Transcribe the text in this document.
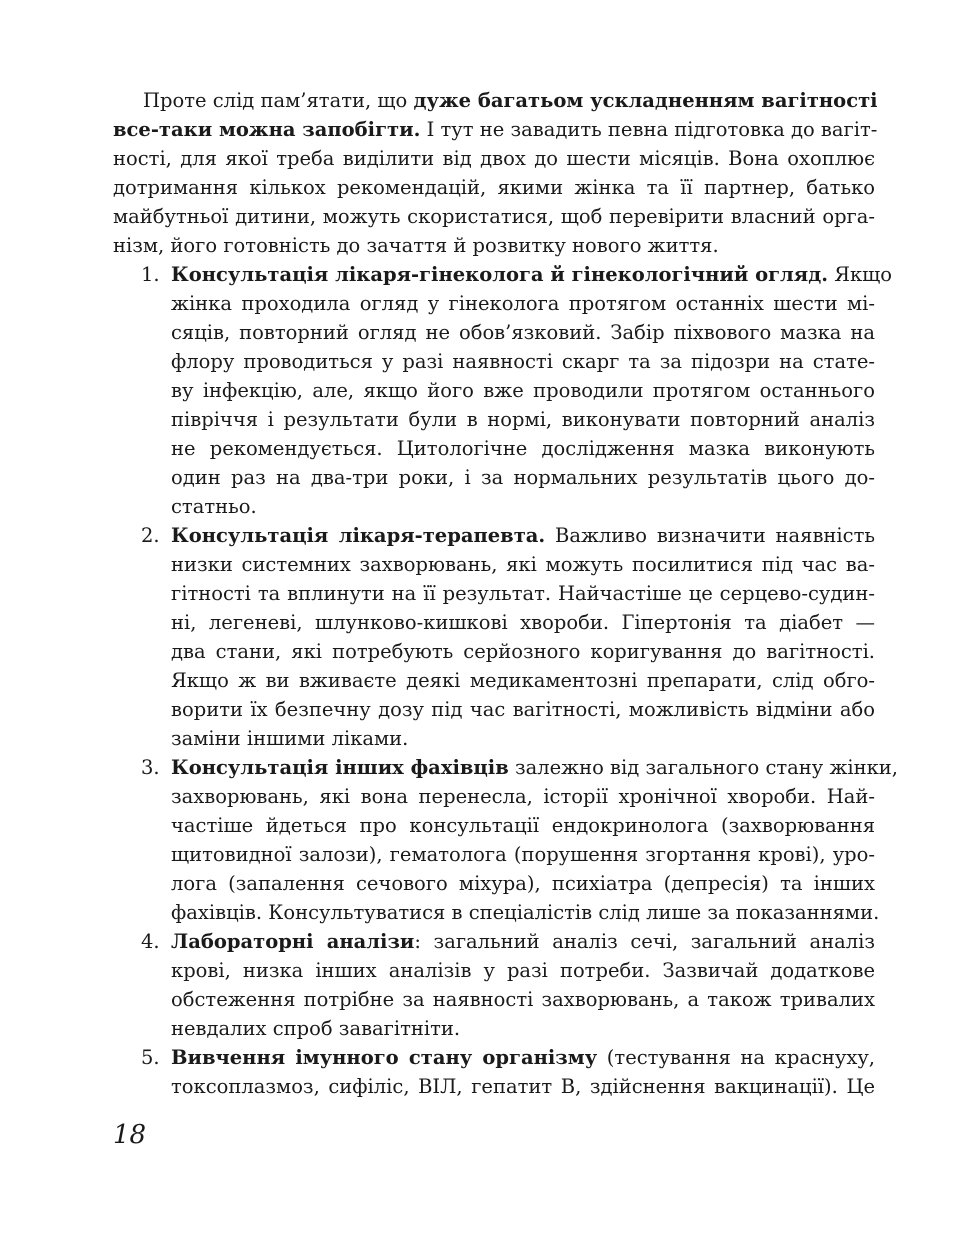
Проте слід пам’ятати, що дуже багатьом ускладненням вагітності
все-таки можна запобігти. І тут не завадить певна підготовка до вагіт-
ності, для якої треба виділити від двох до шести місяців. Вона охоплює
дотримання кількох рекомендацій, якими жінка та її партнер, батько
майбутньої дитини, можуть скористатися, щоб перевірити власний орга-
нізм, його готовність до зачаття й розвитку нового життя.
1. Консультація лікаря-гінеколога й гінекологічний огляд. Якщо
жінка проходила огляд у гінеколога протягом останніх шести мі-
сяців, повторний огляд не обов’язковий. Забір піхвового мазка на
флору проводиться у разі наявності скарг та за підозри на стате-
ву інфекцію, але, якщо його вже проводили протягом останнього
півріччя і результати були в нормі, виконувати повторний аналіз
не рекомендується. Цитологічне дослідження мазка виконують
один раз на два-три роки, і за нормальних результатів цього до-
статньо.
2. Консультація лікаря-терапевта. Важливо визначити наявність
низки системних захворювань, які можуть посилитися під час ва-
гітності та вплинути на її результат. Найчастіше це серцево-судин-
ні, легеневі, шлунково-кишкові хвороби. Гіпертонія та діабет —
два стани, які потребують серйозного коригування до вагітності.
Якщо ж ви вживаєте деякі медикаментозні препарати, слід обго-
ворити їх безпечну дозу під час вагітності, можливість відміни або
заміни іншими ліками.
3. Консультація інших фахівців залежно від загального стану жінки,
захворювань, які вона перенесла, історії хронічної хвороби. Най-
частіше йдеться про консультації ендокринолога (захворювання
щитовидної залози), гематолога (порушення згортання крові), уро-
лога (запалення сечового міхура), психіатра (депресія) та інших
фахівців. Консультуватися в спеціалістів слід лише за показаннями.
4. Лабораторні аналізи: загальний аналіз сечі, загальний аналіз
крові, низка інших аналізів у разі потреби. Зазвичай додаткове
обстеження потрібне за наявності захворювань, а також тривалих
невдалих спроб завагітніти.
5. Вивчення імунного стану організму (тестування на краснуху,
токсоплазмоз, сифіліс, ВІЛ, гепатит В, здійснення вакцинації). Це
18
